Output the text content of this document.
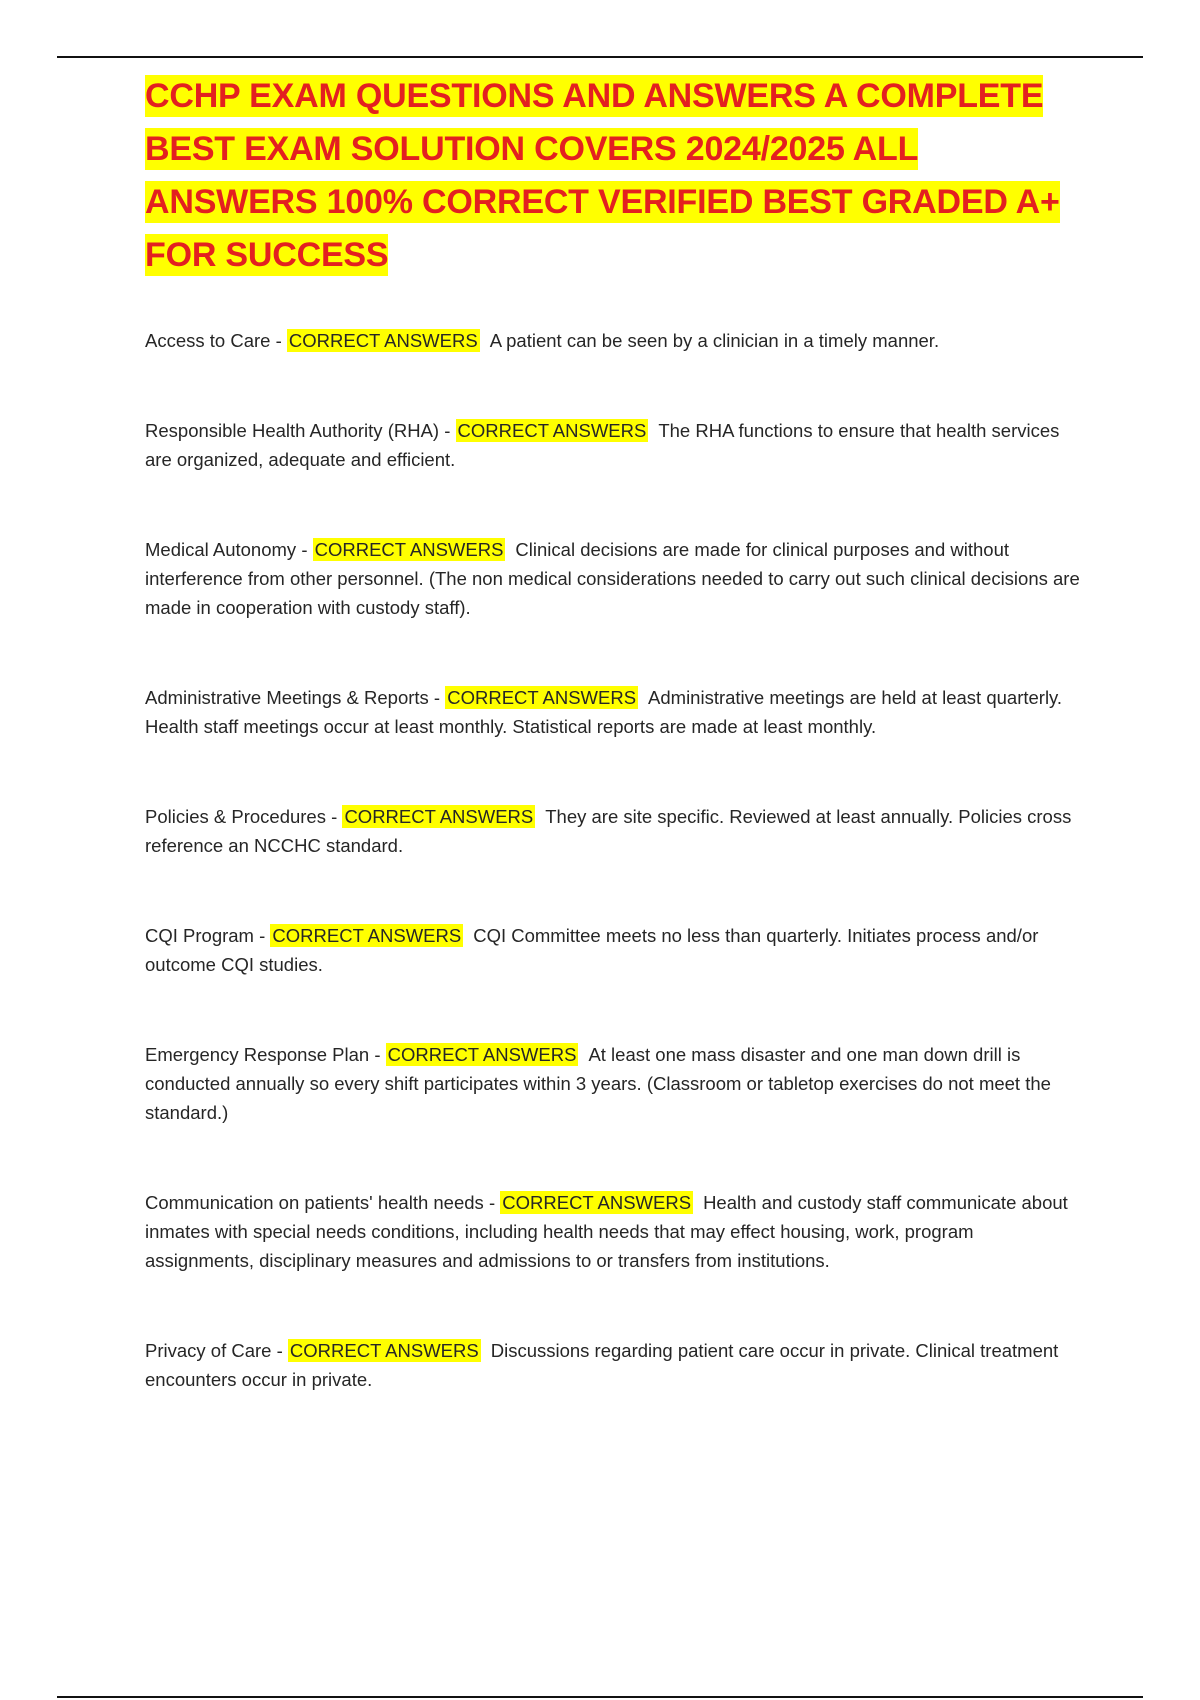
CCHP EXAM QUESTIONS AND ANSWERS A COMPLETE BEST EXAM SOLUTION COVERS 2024/2025 ALL ANSWERS 100% CORRECT VERIFIED BEST GRADED A+ FOR SUCCESS

Access to Care - CORRECT ANSWERS A patient can be seen by a clinician in a timely manner.

Responsible Health Authority (RHA) - CORRECT ANSWERS The RHA functions to ensure that health services are organized, adequate and efficient.

Medical Autonomy - CORRECT ANSWERS Clinical decisions are made for clinical purposes and without interference from other personnel. (The non medical considerations needed to carry out such clinical decisions are made in cooperation with custody staff).

Administrative Meetings & Reports - CORRECT ANSWERS Administrative meetings are held at least quarterly. Health staff meetings occur at least monthly. Statistical reports are made at least monthly.

Policies & Procedures - CORRECT ANSWERS They are site specific. Reviewed at least annually. Policies cross reference an NCCHC standard.

CQI Program - CORRECT ANSWERS CQI Committee meets no less than quarterly. Initiates process and/or outcome CQI studies.

Emergency Response Plan - CORRECT ANSWERS At least one mass disaster and one man down drill is conducted annually so every shift participates within 3 years. (Classroom or tabletop exercises do not meet the standard.)

Communication on patients' health needs - CORRECT ANSWERS Health and custody staff communicate about inmates with special needs conditions, including health needs that may effect housing, work, program assignments, disciplinary measures and admissions to or transfers from institutions.

Privacy of Care - CORRECT ANSWERS Discussions regarding patient care occur in private. Clinical treatment encounters occur in private.
